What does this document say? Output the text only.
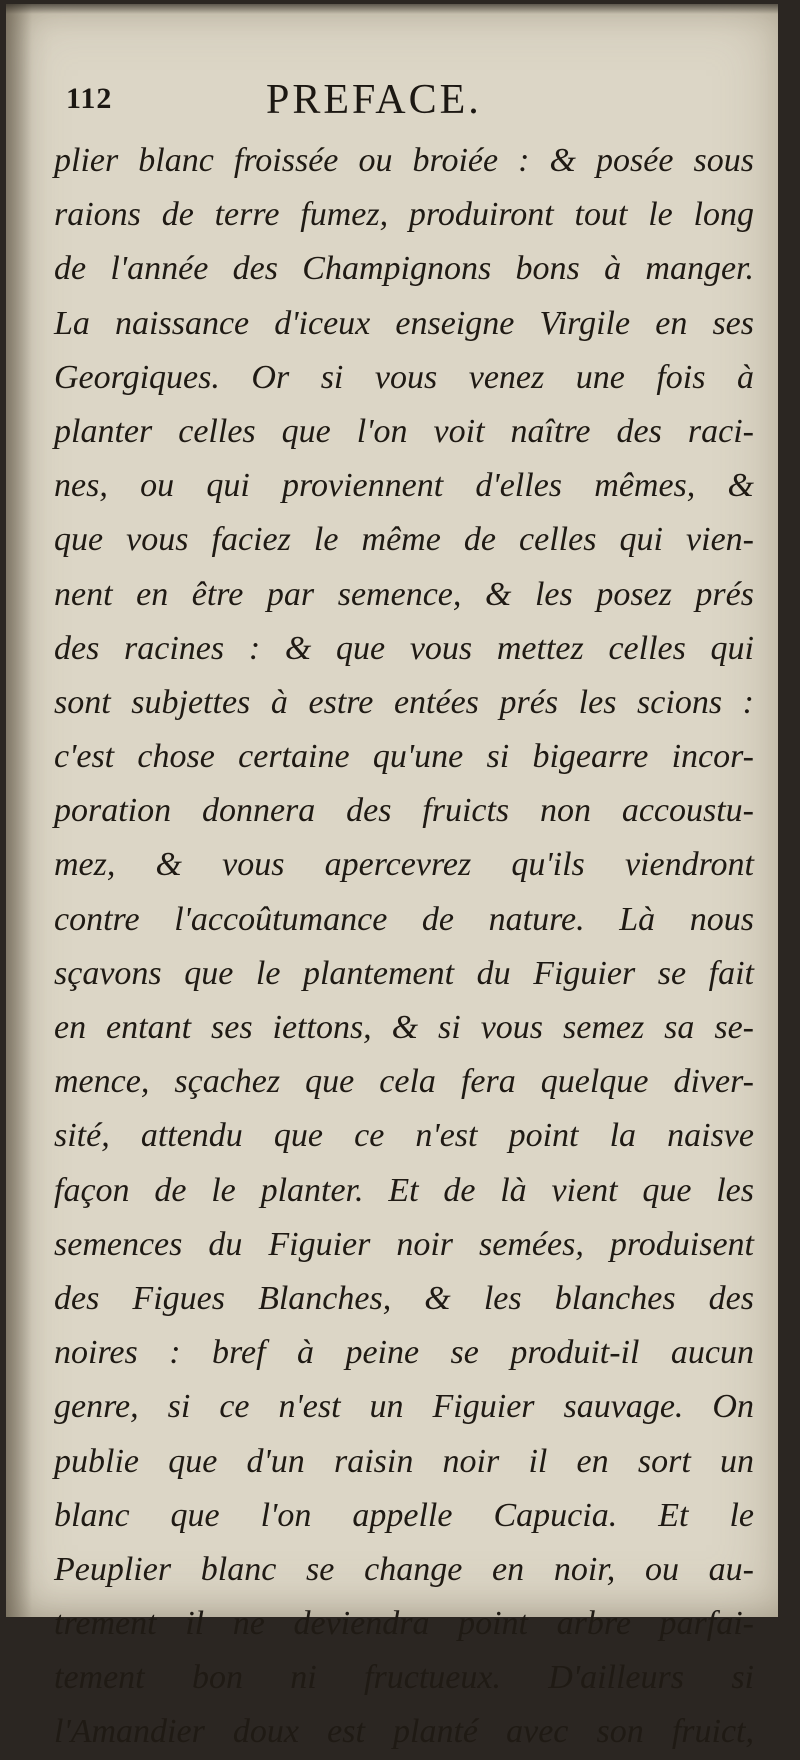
112	PREFACE.
plier blanc froissée ou broiée : & posée sous
raions de terre fumez, produiront tout le long
de l'année des Champignons bons à manger.
La naissance d'iceux enseigne Virgile en ses
Georgiques. Or si vous venez une fois à
planter celles que l'on voit naître des raci-
nes, ou qui proviennent d'elles mêmes, &
que vous faciez le même de celles qui vien-
nent en être par semence, & les posez prés
des racines : & que vous mettez celles qui
sont subjettes à estre entées prés les scions :
c'est chose certaine qu'une si bigearre incor-
poration donnera des fruicts non accoustu-
mez, & vous apercevrez qu'ils viendront
contre l'accoûtumance de nature. Là nous
sçavons que le plantement du Figuier se fait
en entant ses iettons, & si vous semez sa se-
mence, sçachez que cela fera quelque diver-
sité, attendu que ce n'est point la naisve
façon de le planter. Et de là vient que les
semences du Figuier noir semées, produisent
des Figues Blanches, & les blanches des
noires : bref à peine se produit-il aucun
genre, si ce n'est un Figuier sauvage. On
publie que d'un raisin noir il en sort un
blanc que l'on appelle Capucia. Et le
Peuplier blanc se change en noir, ou au-
trement il ne deviendra point arbre parfai-
tement bon ni fructueux. D'ailleurs si
l'Amandier doux est planté avec son fruict,
